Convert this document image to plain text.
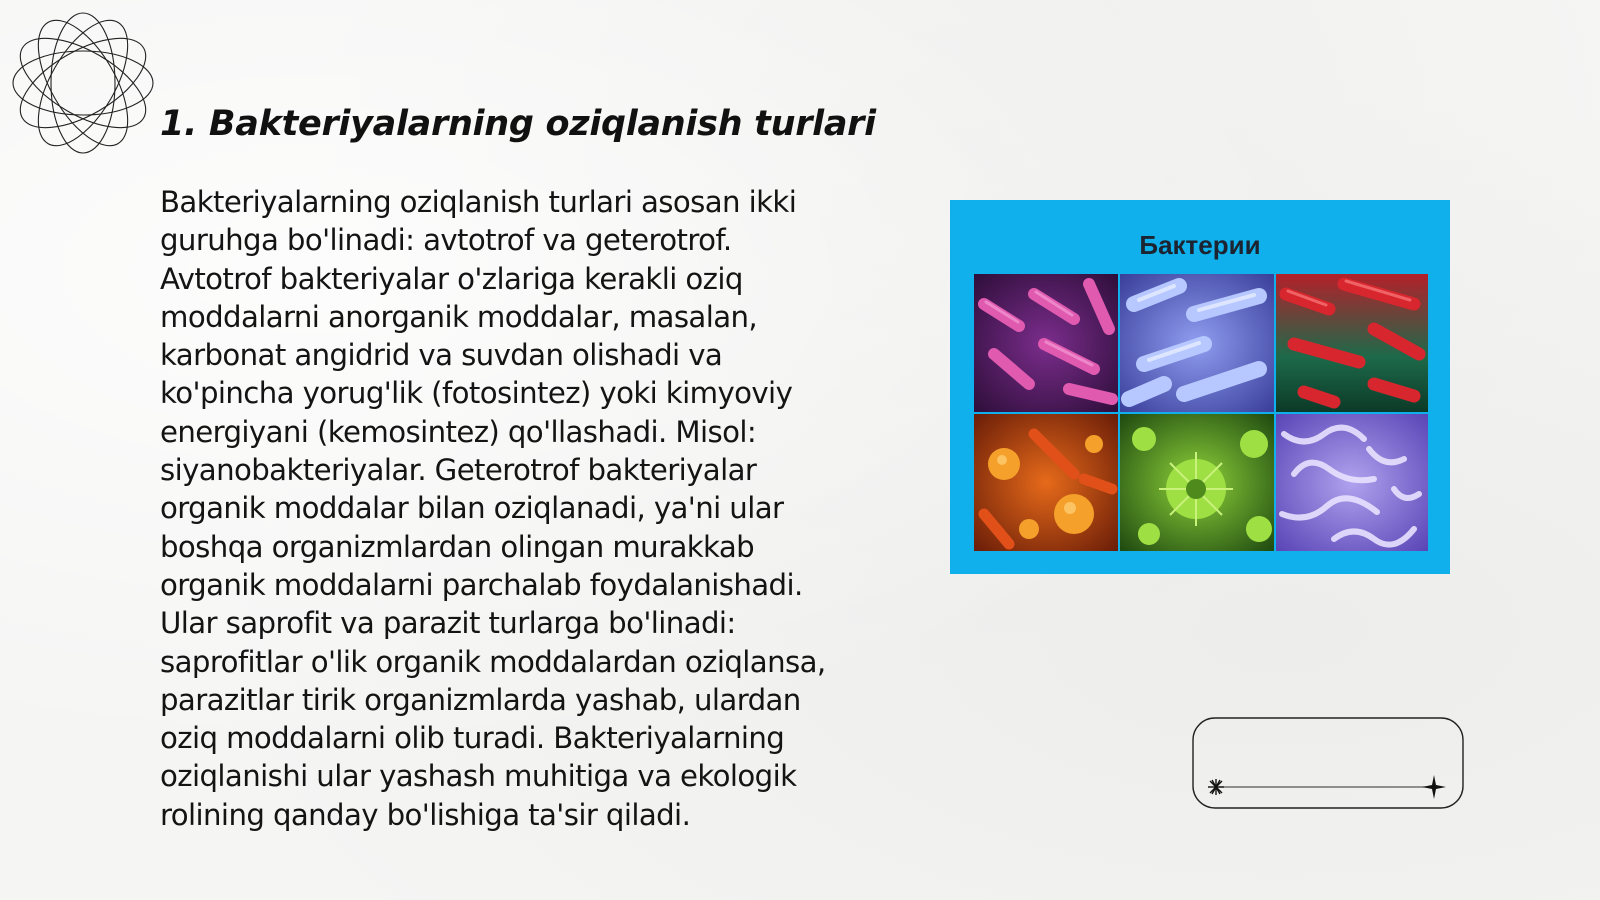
1. Bakteriyalarning oziqlanish turlari

Bakteriyalarning oziqlanish turlari asosan ikki guruhga bo'linadi: avtotrof va geterotrof. Avtotrof bakteriyalar o'zlariga kerakli oziq moddalarni anorganik moddalar, masalan, karbonat angidrid va suvdan olishadi va ko'pincha yorug'lik (fotosintez) yoki kimyoviy energiyani (kemosintez) qo'llashadi. Misol: siyanobakteriyalar. Geterotrof bakteriyalar organik moddalar bilan oziqlanadi, ya'ni ular boshqa organizmlardan olingan murakkab organik moddalarni parchalab foydalanishadi. Ular saprofit va parazit turlarga bo'linadi: saprofitlar o'lik organik moddalardan oziqlansa, parazitlar tirik organizmlarda yashab, ulardan oziq moddalarni olib turadi. Bakteriyalarning oziqlanishi ular yashash muhitiga va ekologik rolining qanday bo'lishiga ta'sir qiladi.

Бактерии
